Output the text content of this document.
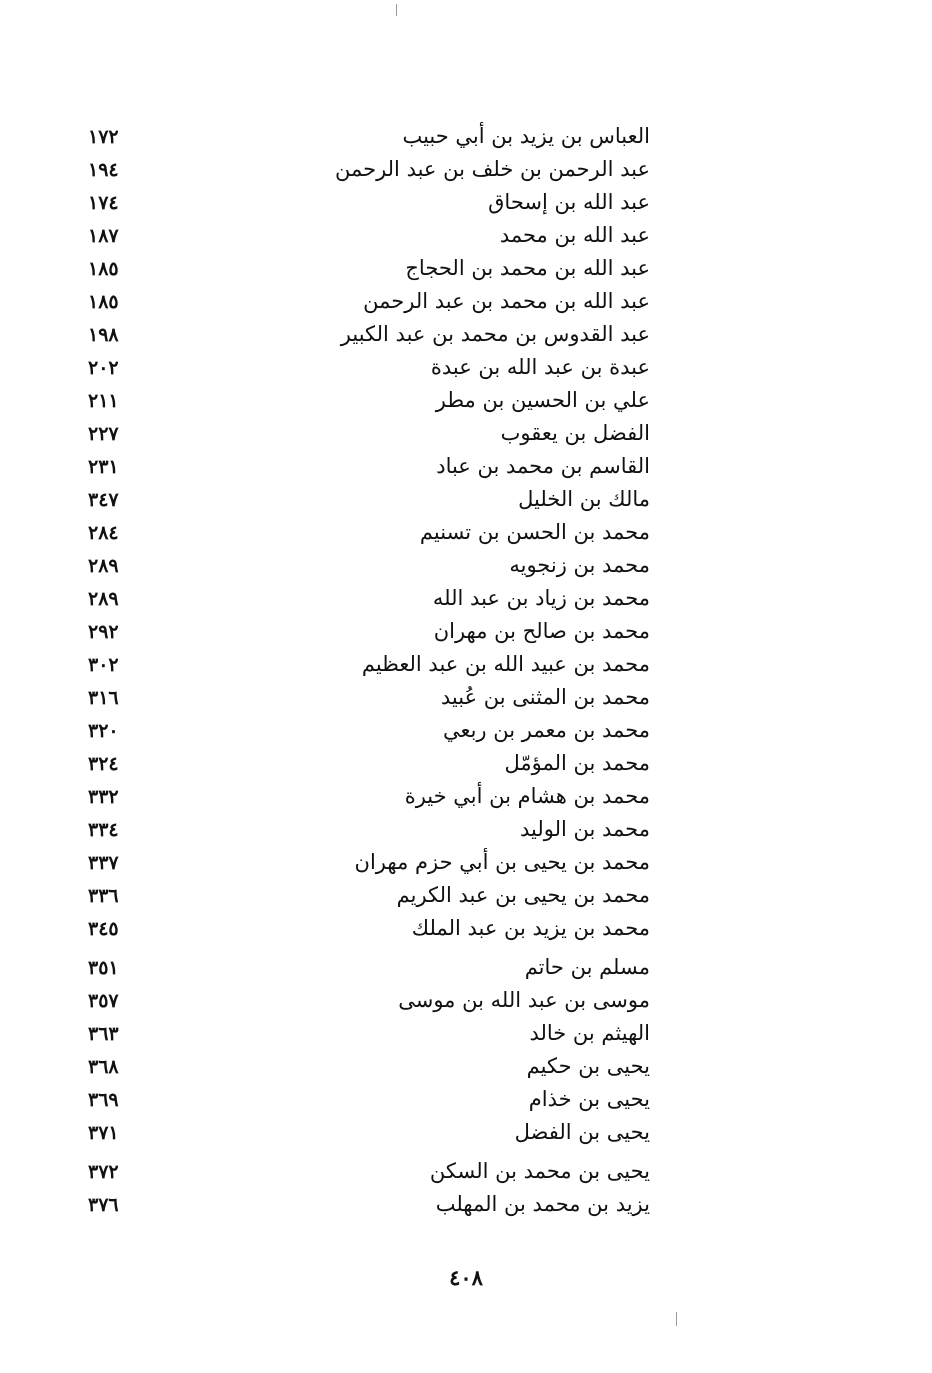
العباس بن يزيد بن أبي حبيب
١٧٢
عبد الرحمن بن خلف بن عبد الرحمن
١٩٤
عبد الله بن إسحاق
١٧٤
عبد الله بن محمد
١٨٧
عبد الله بن محمد بن الحجاج
١٨٥
عبد الله بن محمد بن عبد الرحمن
١٨٥
عبد القدوس بن محمد بن عبد الكبير
١٩٨
عبدة بن عبد الله بن عبدة
٢٠٢
علي بن الحسين بن مطر
٢١١
الفضل بن يعقوب
٢٢٧
القاسم بن محمد بن عباد
٢٣١
مالك بن الخليل
٣٤٧
محمد بن الحسن بن تسنيم
٢٨٤
محمد بن زنجويه
٢٨٩
محمد بن زياد بن عبد الله
٢٨٩
محمد بن صالح بن مهران
٢٩٢
محمد بن عبيد الله بن عبد العظيم
٣٠٢
محمد بن المثنى بن عُبيد
٣١٦
محمد بن معمر بن ربعي
٣٢٠
محمد بن المؤمّل
٣٢٤
محمد بن هشام بن أبي خيرة
٣٣٢
محمد بن الوليد
٣٣٤
محمد بن يحيى بن أبي حزم مهران
٣٣٧
محمد بن يحيى بن عبد الكريم
٣٣٦
محمد بن يزيد بن عبد الملك
٣٤٥
مسلم بن حاتم
٣٥١
موسى بن عبد الله بن موسى
٣٥٧
الهيثم بن خالد
٣٦٣
يحيى بن حكيم
٣٦٨
يحيى بن خذام
٣٦٩
يحيى بن الفضل
٣٧١
يحيى بن محمد بن السكن
٣٧٢
يزيد بن محمد بن المهلب
٣٧٦
٤٠٨
